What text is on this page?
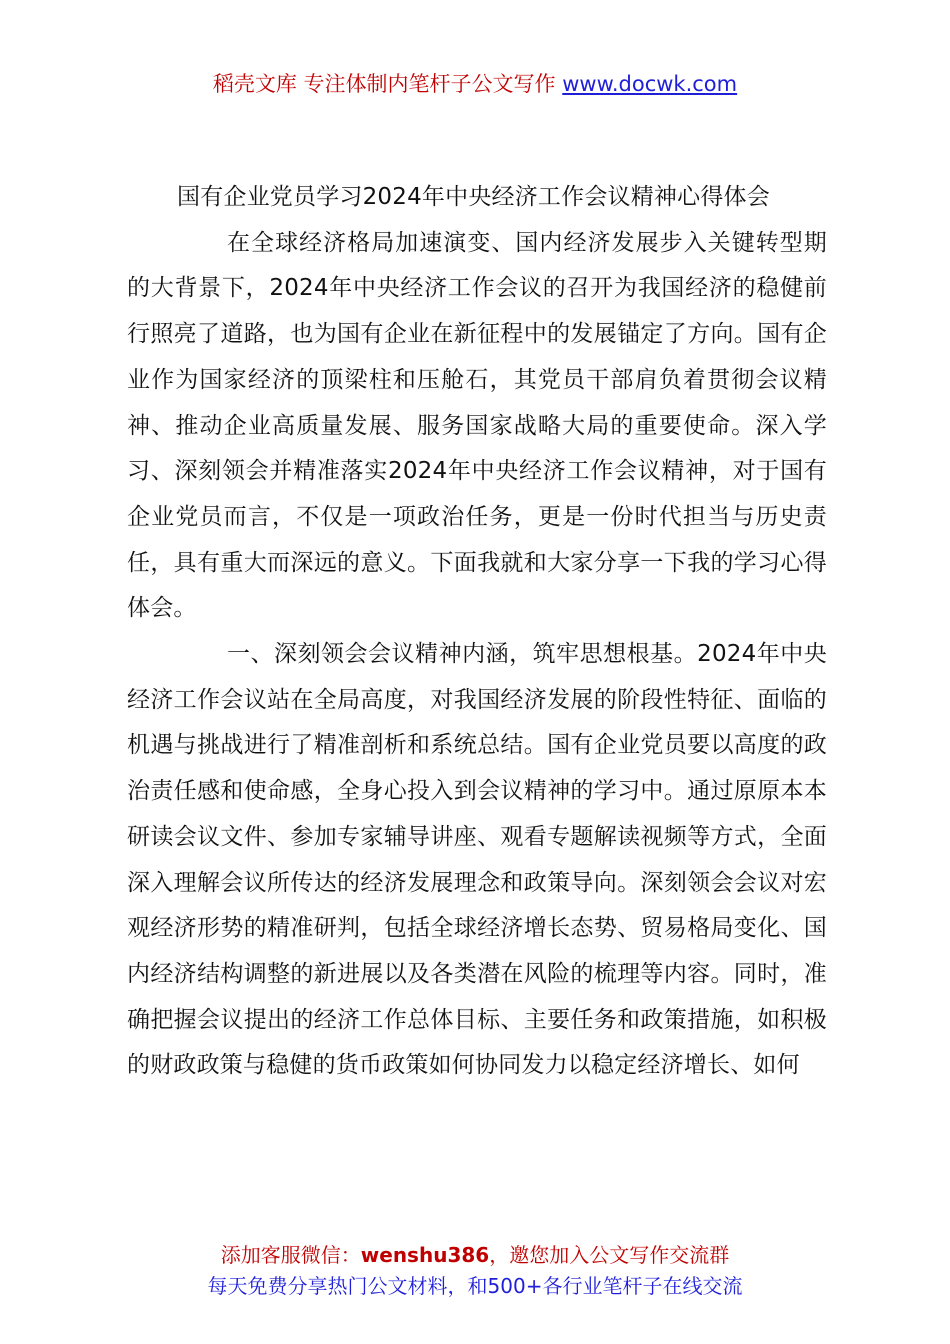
稻壳文库 专注体制内笔杆子公文写作 www.docwk.com
国有企业党员学习2024年中央经济工作会议精神心得体会

在全球经济格局加速演变、国内经济发展步入关键转型期的大背景下，2024年中央经济工作会议的召开为我国经济的稳健前行照亮了道路，也为国有企业在新征程中的发展锚定了方向。国有企业作为国家经济的顶梁柱和压舱石，其党员干部肩负着贯彻会议精神、推动企业高质量发展、服务国家战略大局的重要使命。深入学习、深刻领会并精准落实2024年中央经济工作会议精神，对于国有企业党员而言，不仅是一项政治任务，更是一份时代担当与历史责任，具有重大而深远的意义。下面我就和大家分享一下我的学习心得体会。

一、深刻领会会议精神内涵，筑牢思想根基。2024年中央经济工作会议站在全局高度，对我国经济发展的阶段性特征、面临的机遇与挑战进行了精准剖析和系统总结。国有企业党员要以高度的政治责任感和使命感，全身心投入到会议精神的学习中。通过原原本本研读会议文件、参加专家辅导讲座、观看专题解读视频等方式，全面深入理解会议所传达的经济发展理念和政策导向。深刻领会会议对宏观经济形势的精准研判，包括全球经济增长态势、贸易格局变化、国内经济结构调整的新进展以及各类潜在风险的梳理等内容。同时，准确把握会议提出的经济工作总体目标、主要任务和政策措施，如积极的财政政策与稳健的货币政策如何协同发力以稳定经济增长、如何

添加客服微信：wenshu386，邀您加入公文写作交流群
每天免费分享热门公文材料，和500+各行业笔杆子在线交流
